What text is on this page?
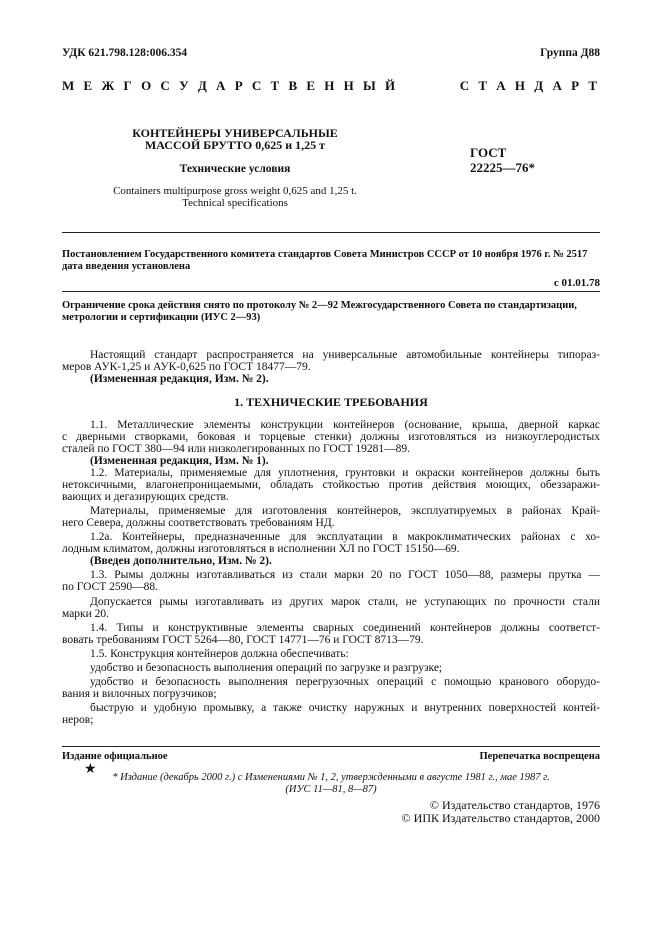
УДК 621.798.128:006.354	Группа Д88
М Е Ж Г О С У Д А Р С Т В Е Н Н Ы Й	С Т А Н Д А Р Т
КОНТЕЙНЕРЫ УНИВЕРСАЛЬНЫЕ
МАССОЙ БРУТТО 0,625 и 1,25 т
Технические условия
Containers multipurpose gross weight 0,625 and 1,25 t.
Technical specifications
ГОСТ
22225—76*
Постановлением Государственного комитета стандартов Совета Министров СССР от 10 ноября 1976 г. № 2517
дата введения установлена
с 01.01.78
Ограничение срока действия снято по протоколу № 2—92 Межгосударственного Совета по стандартизации,
метрологии и сертификации (ИУС 2—93)
Настоящий стандарт распространяется на универсальные автомобильные контейнеры типораз-
меров АУК-1,25 и АУК-0,625 по ГОСТ 18477—79.
(Измененная редакция, Изм. № 2).
1. ТЕХНИЧЕСКИЕ ТРЕБОВАНИЯ
1.1. Металлические элементы конструкции контейнеров (основание, крыша, дверной каркас
с дверными створками, боковая и торцевые стенки) должны изготовляться из низкоуглеродистых
сталей по ГОСТ 380—94 или низколегированных по ГОСТ 19281—89.
(Измененная редакция, Изм. № 1).
1.2. Материалы, применяемые для уплотнения, грунтовки и окраски контейнеров должны быть
нетоксичными, влагонепроницаемыми, обладать стойкостью против действия моющих, обеззаражи-
вающих и дегазирующих средств.
Материалы, применяемые для изготовления контейнеров, эксплуатируемых в районах Край-
него Севера, должны соответствовать требованиям НД.
1.2а. Контейнеры, предназначенные для эксплуатации в макроклиматических районах с хо-
лодным климатом, должны изготовляться в исполнении ХЛ по ГОСТ 15150—69.
(Введен дополнительно, Изм. № 2).
1.3. Рымы должны изготавливаться из стали марки 20 по ГОСТ 1050—88, размеры прутка —
по ГОСТ 2590—88.
Допускается рымы изготавливать из других марок стали, не уступающих по прочности стали
марки 20.
1.4. Типы и конструктивные элементы сварных соединений контейнеров должны соответст-
вовать требованиям ГОСТ 5264—80, ГОСТ 14771—76 и ГОСТ 8713—79.
1.5. Конструкция контейнеров должна обеспечивать:
удобство и безопасность выполнения операций по загрузке и разгрузке;
удобство и безопасность выполнения перегрузочных операций с помощью кранового оборудо-
вания и вилочных погрузчиков;
быструю и удобную промывку, а также очистку наружных и внутренних поверхностей контей-
неров;
Издание официальное	Перепечатка воспрещена
★
* Издание (декабрь 2000 г.) с Изменениями № 1, 2, утвержденными в августе 1981 г., мае 1987 г.
(ИУС 11—81, 8—87)
© Издательство стандартов, 1976
© ИПК Издательство стандартов, 2000
